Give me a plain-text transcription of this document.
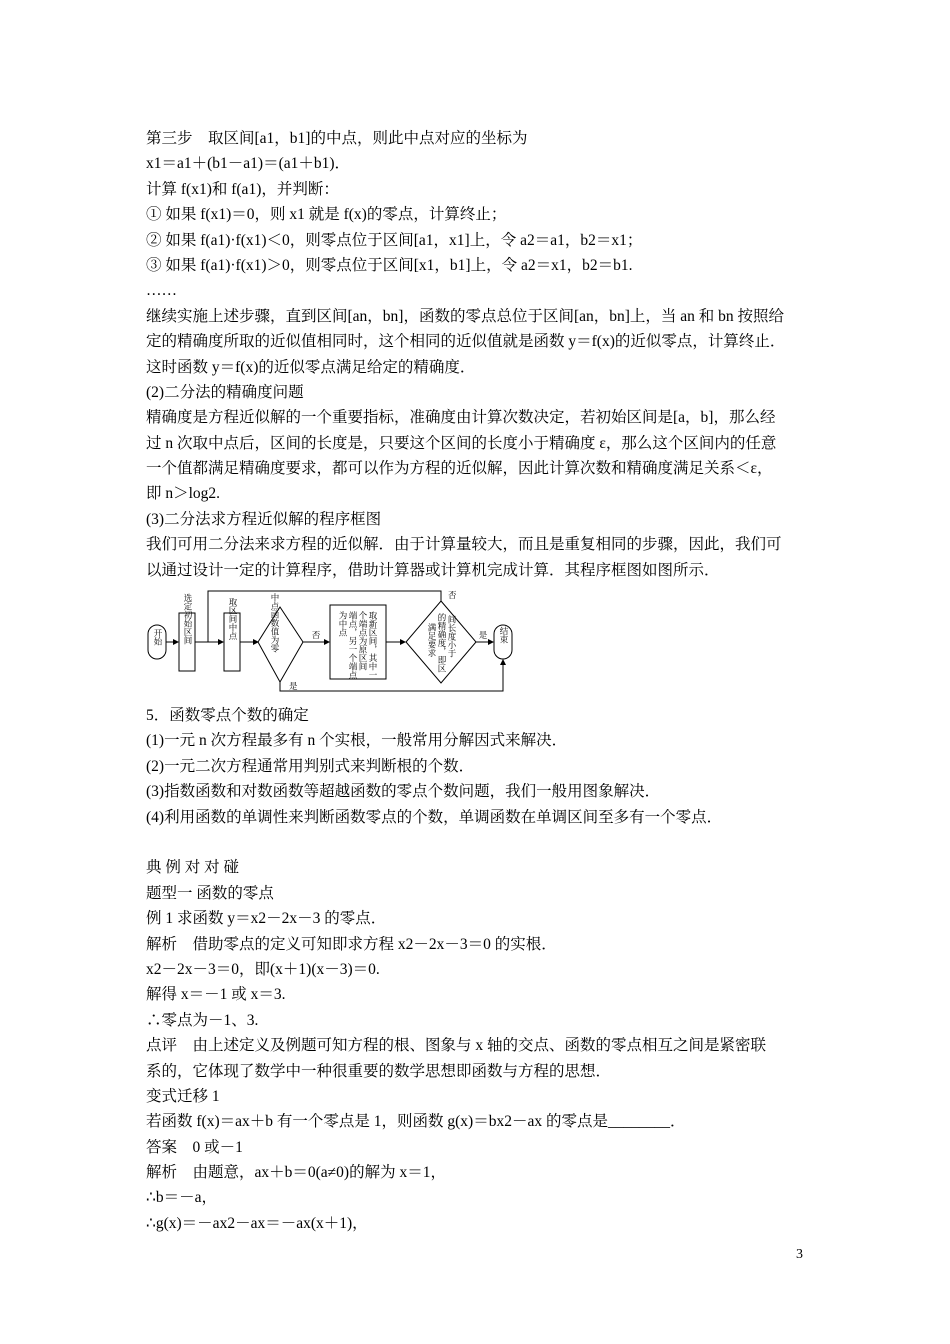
第三步　取区间[a1，b1]的中点，则此中点对应的坐标为
x1＝a1＋(b1－a1)＝(a1＋b1)．
计算 f(x1)和 f(a1)，并判断：
① 如果 f(x1)＝0，则 x1 就是 f(x)的零点，计算终止；
② 如果 f(a1)·f(x1)＜0，则零点位于区间[a1，x1]上，令 a2＝a1，b2＝x1；
③ 如果 f(a1)·f(x1)＞0，则零点位于区间[x1，b1]上，令 a2＝x1，b2＝b1.
……
继续实施上述步骤，直到区间[an，bn]，函数的零点总位于区间[an，bn]上，当 an 和 bn 按照给
定的精确度所取的近似值相同时，这个相同的近似值就是函数 y＝f(x)的近似零点，计算终止．
这时函数 y＝f(x)的近似零点满足给定的精确度．
(2)二分法的精确度问题
精确度是方程近似解的一个重要指标，准确度由计算次数决定，若初始区间是[a，b]，那么经
过 n 次取中点后，区间的长度是，只要这个区间的长度小于精确度 ε，那么这个区间内的任意
一个值都满足精确度要求，都可以作为方程的近似解，因此计算次数和精确度满足关系＜ε，
即 n＞log2.
(3)二分法求方程近似解的程序框图
我们可用二分法来求方程的近似解．由于计算量较大，而且是重复相同的步骤，因此，我们可
以通过设计一定的计算程序，借助计算器或计算机完成计算．其程序框图如图所示．
开始 选定初始区间	取区间中点	中点函数值为零	否	取新区间，其中一
个端点为原区间
端点，另一个端点
为中点	间长度小于
的精确度，即区
满足要求	是 结束
否
是
5．函数零点个数的确定
(1)一元 n 次方程最多有 n 个实根，一般常用分解因式来解决．
(2)一元二次方程通常用判别式来判断根的个数．
(3)指数函数和对数函数等超越函数的零点个数问题，我们一般用图象解决．
(4)利用函数的单调性来判断函数零点的个数，单调函数在单调区间至多有一个零点．
典 例 对 对 碰
题型一 函数的零点
例 1 求函数 y＝x2－2x－3 的零点．
解析　借助零点的定义可知即求方程 x2－2x－3＝0 的实根．
x2－2x－3＝0，即(x＋1)(x－3)＝0.
解得 x＝－1 或 x＝3.
∴零点为－1、3.
点评　由上述定义及例题可知方程的根、图象与 x 轴的交点、函数的零点相互之间是紧密联
系的，它体现了数学中一种很重要的数学思想即函数与方程的思想．
变式迁移 1
若函数 f(x)＝ax＋b 有一个零点是 1，则函数 g(x)＝bx2－ax 的零点是________．
答案　0 或－1
解析　由题意，ax＋b＝0(a≠0)的解为 x＝1，
∴b＝－a，
∴g(x)＝－ax2－ax＝－ax(x＋1)，
3
